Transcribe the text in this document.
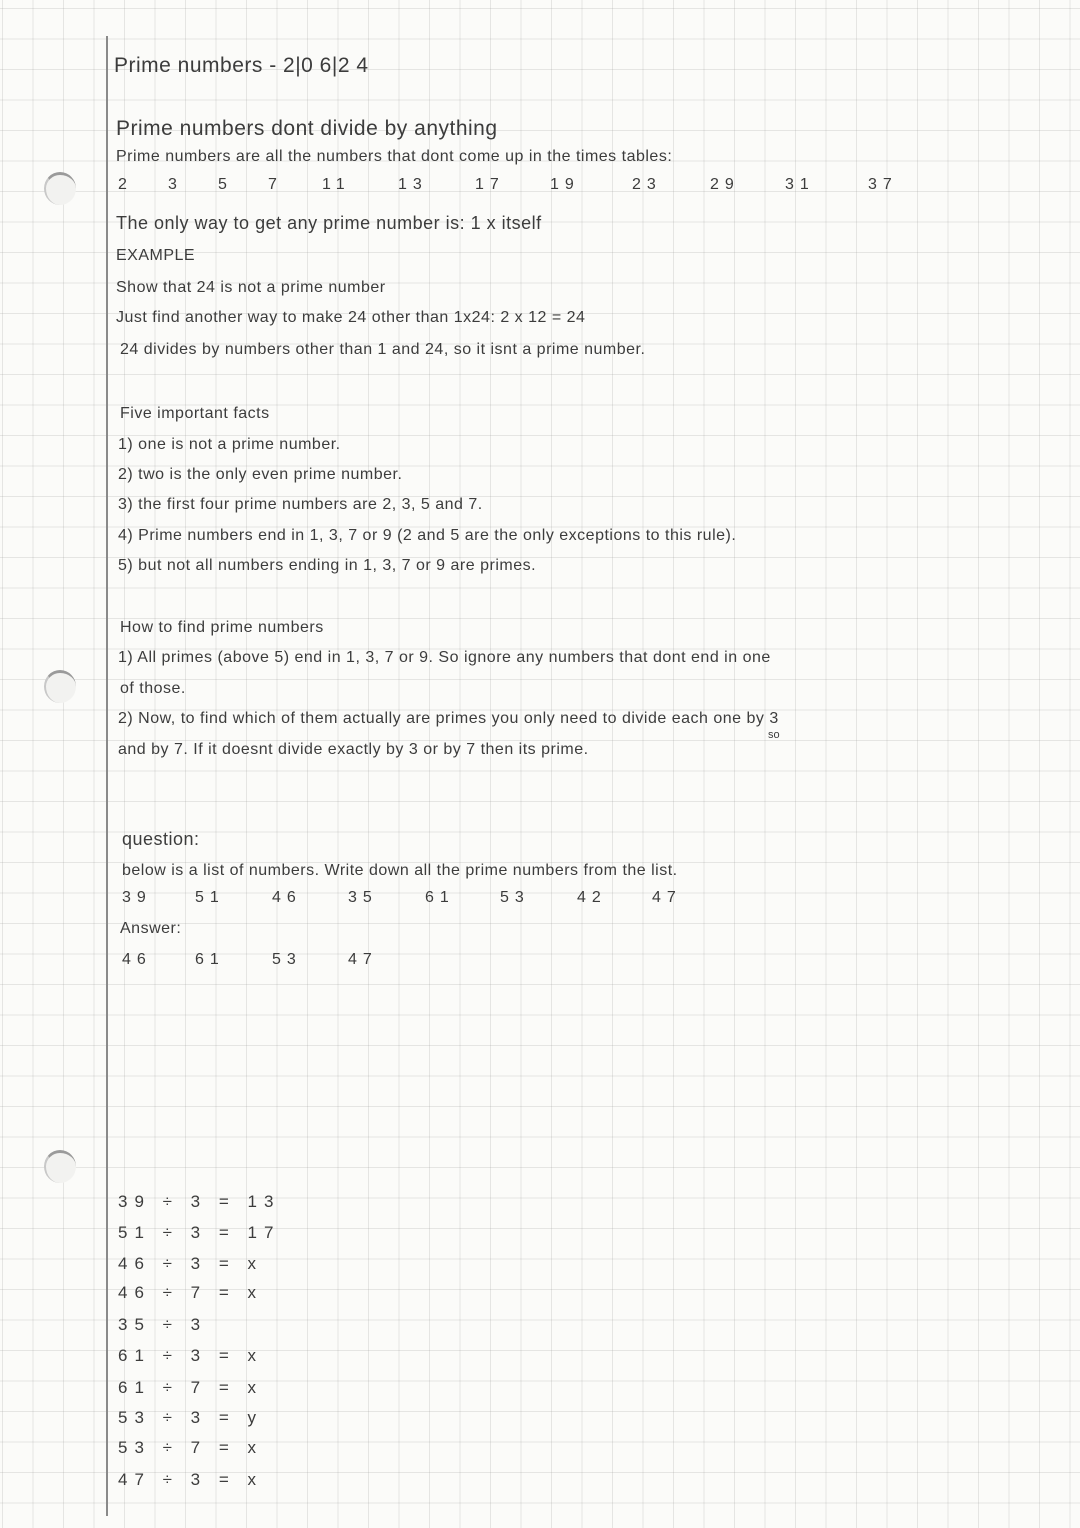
Prime numbers - 2|0 6|2 4
Prime numbers dont divide by anything
Prime numbers are all the numbers that dont come up in the times tables:
2 3 5 7 11	13	17	19	23	29	31	37
The only way to get any prime number is: 1 x itself
EXAMPLE
Show that 24 is not a prime number
Just find another way to make 24 other than 1x24: 2 x 12 = 24
24 divides by numbers other than 1 and 24, so it isnt a prime number.
Five important facts
1) one is not a prime number.
2) two is the only even prime number.
3) the first four prime numbers are 2, 3, 5 and 7.
4) Prime numbers end in 1, 3, 7 or 9 (2 and 5 are the only exceptions to this rule).
5) but not all numbers ending in 1, 3, 7 or 9 are primes.
How to find prime numbers
1) All primes (above 5) end in 1, 3, 7 or 9. So ignore any numbers that dont end in one
of those.
2) Now, to find which of them actually are primes you only need to divide each one by 3
and by 7. If it doesnt divide exactly by 3 or by 7 then its prime.
so
question:
below is a list of numbers. Write down all the prime numbers from the list.
39	51	46	35	61	53	42	47
Answer:
46	61	53	47
39 ÷ 3 = 13
51 ÷ 3 = 17
46 ÷ 3 = x
46 ÷ 7 = x
35 ÷ 3
61 ÷ 3 = x
61 ÷ 7 = x
53 ÷ 3 = y
53 ÷ 7 = x
47 ÷ 3 = x
